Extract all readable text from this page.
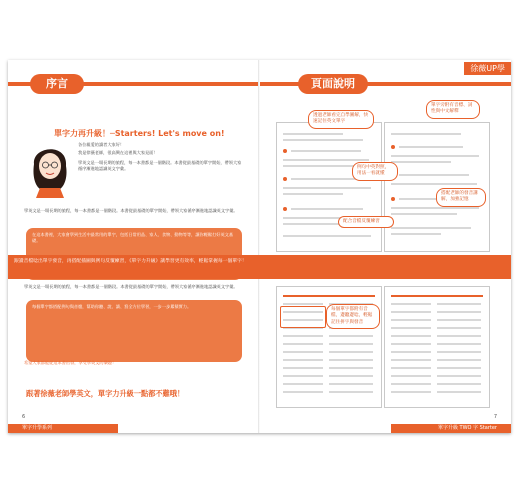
序言
單字力再升級！─Starters! Let's move on!
各位親愛的讀者大家好！
我是徐薇老師，很高興在這裡與大家見面！
學英文是一場長期的旅程，每一本書都是一個階段。本書從最基礎的單字開始，帶領大家循序漸進地認識英文字彙。
學英文是一場長期的旅程，每一本書都是一個階段。本書從最基礎的單字開始，帶領大家循序漸進地認識英文字彙。
在這本書裡，大家會學到生活中最常用的單字，包括日常用品、家人、食物、動物等等，讓你輕鬆打好英文基礎。
學英文是一場長期的旅程，每一本書都是一個階段。本書從最基礎的單字開始，帶領大家循序漸進地認識英文字彙。
每個單字都搭配例句與音檔，幫助你聽、說、讀、寫全方位學習，一步一步累積實力。
希望大家都能從這本書出發，享受學英文的樂趣！
跟著徐薇老師學英文，單字力升級一點都不難哦！
6
單字升學系列
徐薇UP學
頁面說明
透過老師看完自學圖解，快速記住英文單字
單字旁附有音標、詞性與中文解釋
例句中英對照，用法一看就懂
搭配老師的發音講解，加強記憶
配合音檔反覆練習
跟讀音檔唸出單字發音，再搭配插圖與例句反覆練習，《單字力升級》讓學習更有效率，輕鬆掌握每一個單字！
每個單字都附有音檔，邊聽邊唸，輕鬆記住拼字與發音
7
單字升級 TWO 字 Starter
